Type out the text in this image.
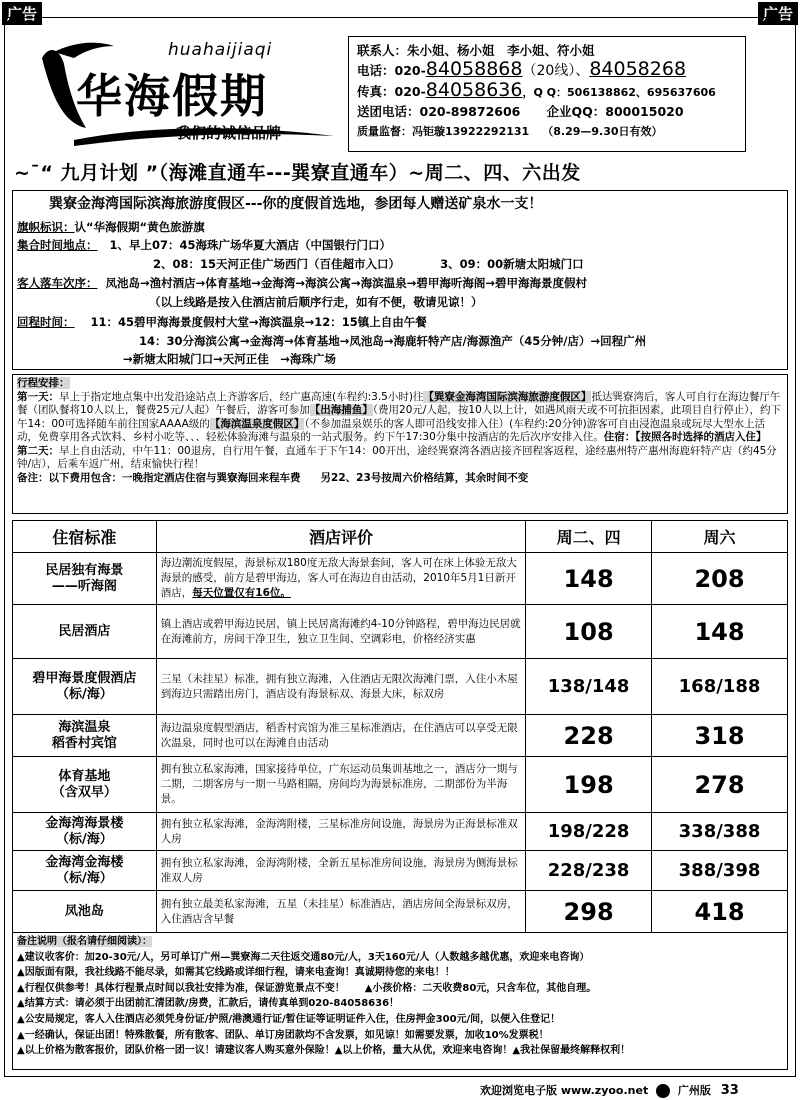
广告	广告
huahaijiaqi
华海假期
我们的诚信品牌
联系人：朱小姐、杨小姐　李小姐、符小姐
电话：020-84058868（20线）、84058268
传真：020-84058636，Q Q：506138862、695637606
送团电话：020-89872606 企业QQ：800015020
质量监督：冯钜璇13922292131 （8.29—9.30日有效）
~ˉ“ 九月计划 ”（海滩直通车---巽寮直通车）~周二、四、六出发
巽寮金海湾国际滨海旅游度假区---你的度假首选地，参团每人赠送矿泉水一支！
旗帜标识：认“华海假期“黄色旅游旗
集合时间地点： 1、早上07：45海珠广场华夏大酒店（中国银行门口）
2、08：15天河正佳广场西门（百佳超市入口）	3、09：00新塘太阳城门口
客人落车次序： 凤池岛→渔村酒店→体育基地→金海湾→海滨公寓→海滨温泉→碧甲海听海阁→碧甲海海景度假村
（以上线路是按入住酒店前后顺序行走，如有不便，敬请见谅！）
回程时间： 11：45碧甲海海景度假村大堂→海滨温泉→12：15镇上自由午餐
14：30分海滨公寓→金海湾→体育基地→凤池岛→海鹿轩特产店/海源渔产（45分钟/店）→回程广州
→新塘太阳城门口→天河正佳　→海珠广场
行程安排：
第一天：早上于指定地点集中出发沿途站点上齐游客后，经广惠高速(车程约:3.5小时)往【巽寮金海湾国际滨海旅游度假区】抵达巽寮湾后，客人可自行在海边餐厅午餐（团队餐将10人以上，餐费25元/人起）午餐后，游客可参加【出海捕鱼】（费用20元/人起，按10人以上计，如遇风雨天或不可抗拒因素，此项目自行停止），约下午14：00可选择随车前往国家AAAA级的【海滨温泉度假区】（不参加温泉娱乐的客人即可沿线安排入住）(车程约:20分钟)游客可自由浸泡温泉或玩尽大型水上活动，免费享用各式饮料、乡村小吃等、、、轻松体验海滩与温泉的一站式服务。约下午17:30分集中按酒店的先后次序安排入住。住宿：【按照各时选择的酒店入住】
第二天：早上自由活动，中午11：00退房，自行用午餐，直通车于下午14：00开出，途经巽寮湾各酒店接齐回程客返程，途经惠州特产惠州海鹿轩特产店（约45分钟/店），后乘车返广州，结束愉快行程！
备注：以下费用包含：一晚指定酒店住宿与巽寮海回来程车费 另22、23号按周六价格结算，其余时间不变
住宿标准	酒店评价	周二、四	周六

民居独有海景
——听海阁	海边潮流度假屋，海景标双180度无敌大海景套间，客人可在床上体验无敌大海景的感受，前方是碧甲海边，客人可在海边自由活动，2010年5月1日新开酒店，每天位置仅有16位。	148	208

民居酒店	镇上酒店或碧甲海边民居，镇上民居离海滩约4-10分钟路程，碧甲海边民居就在海滩前方，房间干净卫生，独立卫生间、空调彩电，价格经济实惠	108	148

碧甲海景度假酒店
（标/海）	三星（未挂星）标准，拥有独立海滩，入住酒店无限次海滩门票，入住小木屋到海边只需踏出房门，酒店设有海景标双、海景大床，标双房	138/148	168/188

海滨温泉
稻香村宾馆	海边温泉度假型酒店，稻香村宾馆为准三星标准酒店，在住酒店可以享受无限次温泉，同时也可以在海滩自由活动	228	318

体育基地
（含双早）	拥有独立私家海滩，国家接待单位，广东运动员集训基地之一，酒店分一期与二期，二期客房与一期一马路相隔，房间均为海景标准房，二期部份为半海景。	198	278

金海湾海景楼
（标/海）	拥有独立私家海滩，金海湾附楼，三星标准房间设施，海景房为正海景标准双人房	198/228	338/388

金海湾金海楼
（标/海）	拥有独立私家海滩，金海湾附楼，全新五星标准房间设施，海景房为侧海景标准双人房	228/238	388/398

凤池岛	拥有独立最美私家海滩，五星（未挂星）标准酒店，酒店房间全海景标双房，入住酒店含早餐	298	418
备注说明（报名请仔细阅读）：
▲建议收客价：加20-30元/人，另可单订广州—巽寮海二天往返交通80元/人，3天160元/人（人数越多越优惠，欢迎来电咨询）
▲因版面有限，我社线路不能尽录，如需其它线路或详细行程，请来电查询！真诚期待您的来电！！
▲行程仅供参考！具体行程景点时间以我社安排为准，保证游览景点不变！　　▲小孩价格：二天收费80元，只含车位，其他自理。
▲结算方式：请必须于出团前汇清团款/房费，汇款后，请传真单到020-84058636！
▲公安局规定，客人入住酒店必须凭身份证/护照/港澳通行证/暂住证等证明证件入住，住房押金300元/间，以便入住登记！
▲一经确认，保证出团！特殊散餐，所有散客、团队、单订房团款均不含发票，如见谅！如需要发票，加收10%发票税！
▲以上价格为散客报价，团队价格一团一议！请建议客人购买意外保险！▲以上价格，量大从优，欢迎来电咨询！▲我社保留最终解释权利！
欢迎浏览电子版 www.zyoo.net	广州版 33
